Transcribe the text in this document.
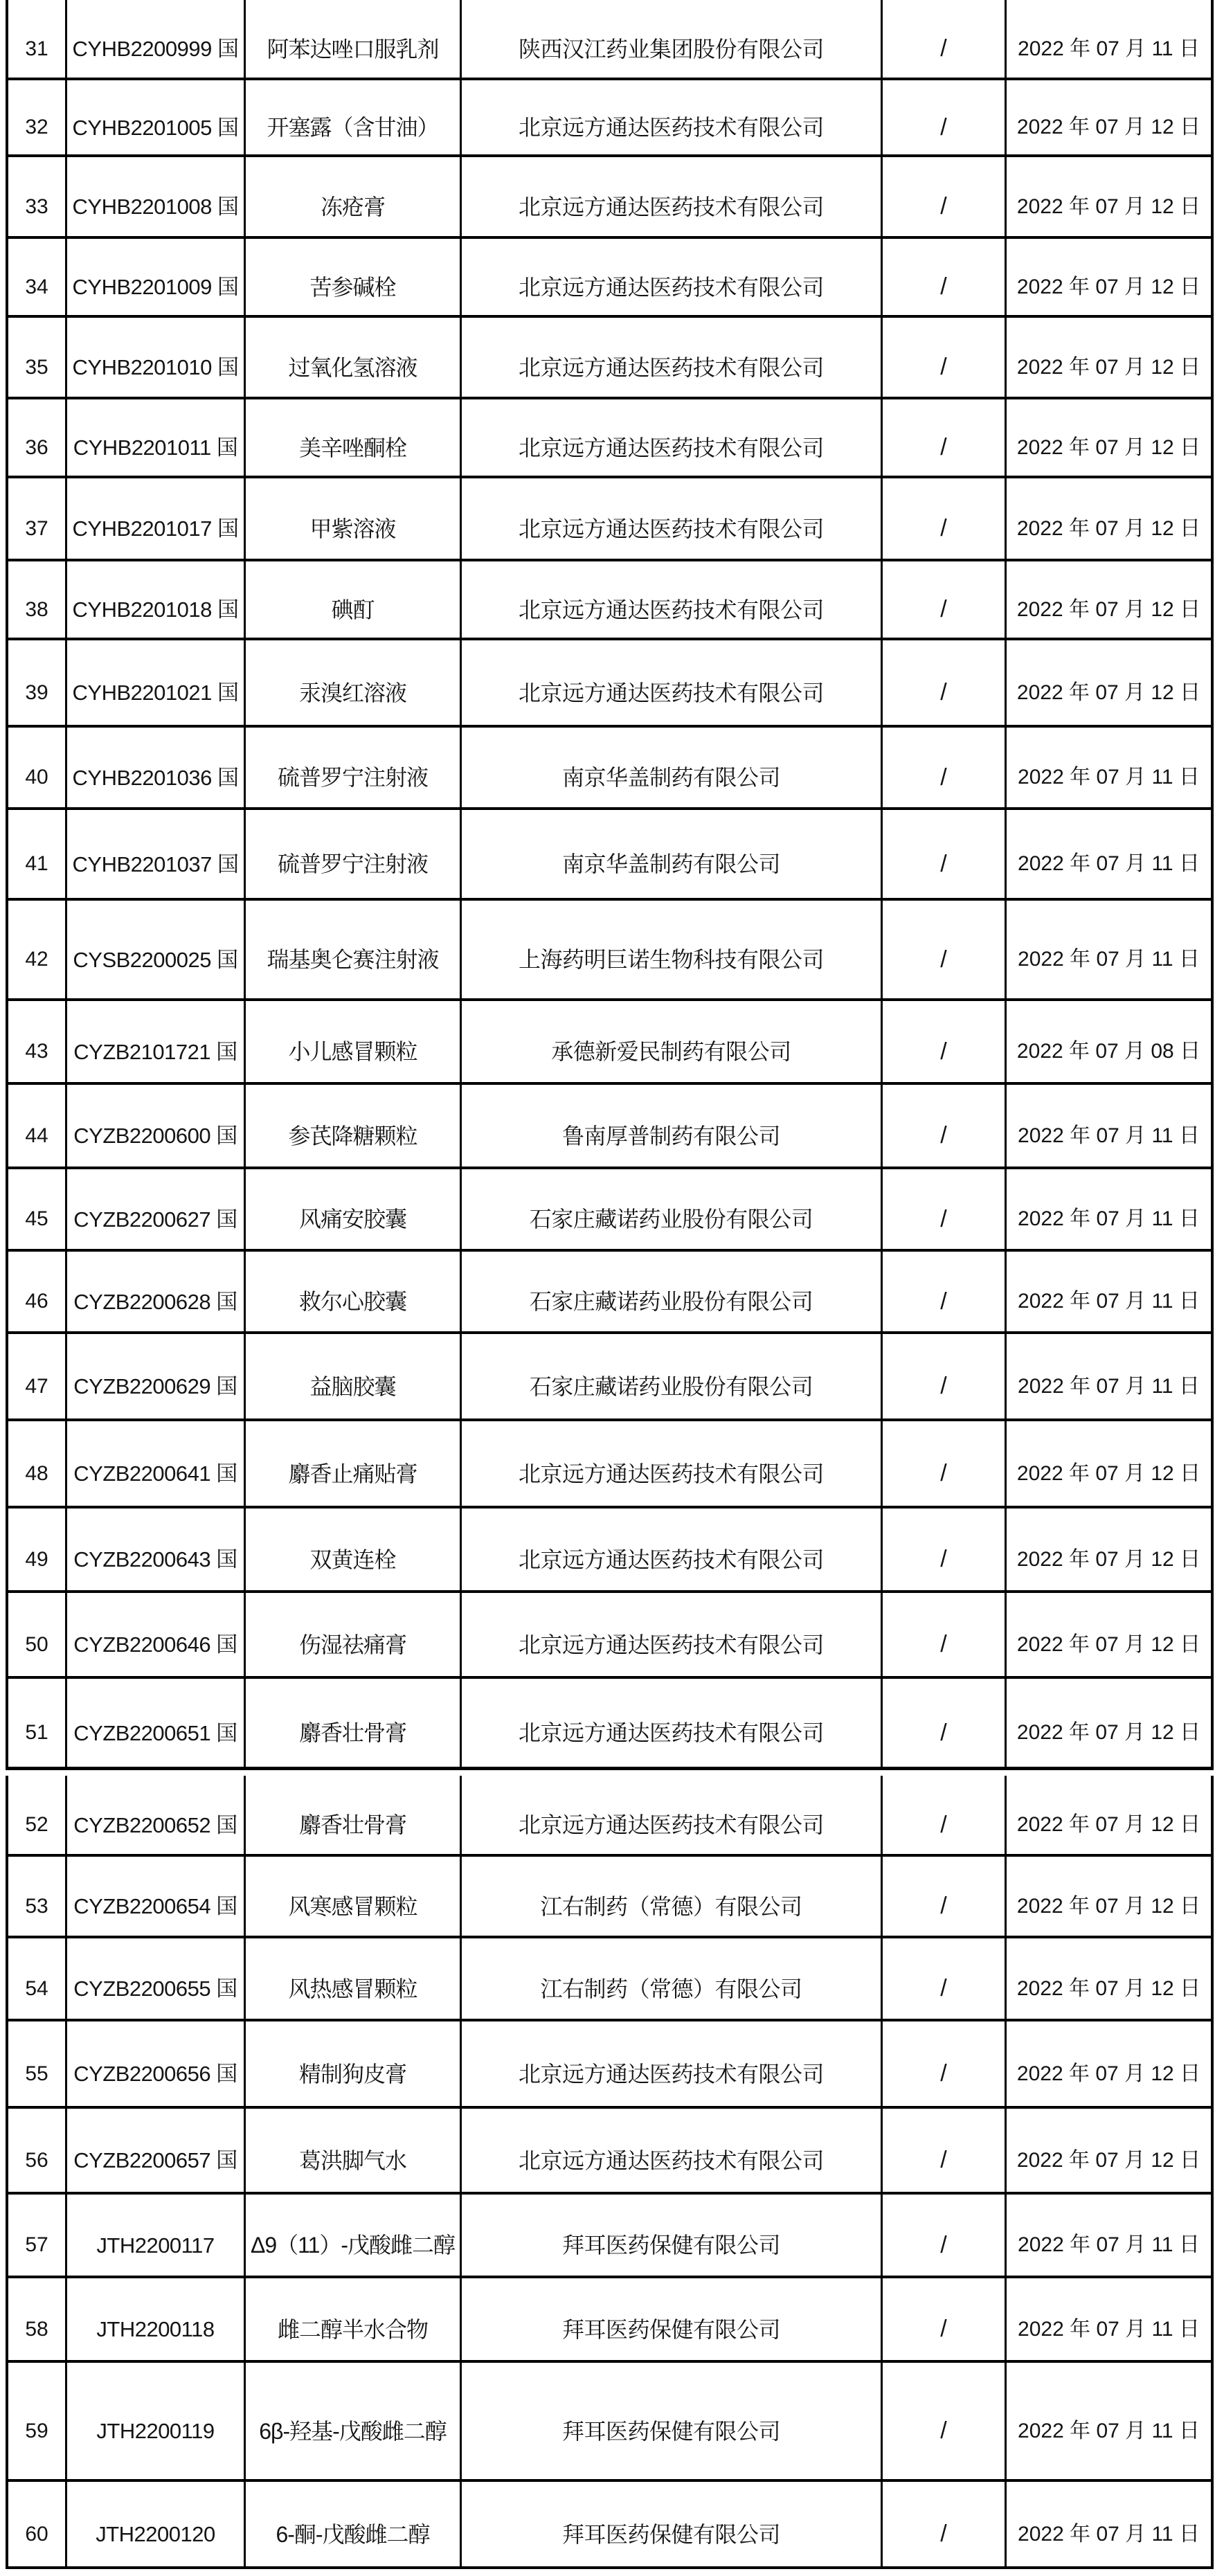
31	CYHB2200999 国	阿苯达唑口服乳剂	陕西汉江药业集团股份有限公司	/	2022 年 07 月 11 日
32	CYHB2201005 国	开塞露（含甘油）	北京远方通达医药技术有限公司	/	2022 年 07 月 12 日
33	CYHB2201008 国	冻疮膏	北京远方通达医药技术有限公司	/	2022 年 07 月 12 日
34	CYHB2201009 国	苦参碱栓	北京远方通达医药技术有限公司	/	2022 年 07 月 12 日
35	CYHB2201010 国	过氧化氢溶液	北京远方通达医药技术有限公司	/	2022 年 07 月 12 日
36	CYHB2201011 国	美辛唑酮栓	北京远方通达医药技术有限公司	/	2022 年 07 月 12 日
37	CYHB2201017 国	甲紫溶液	北京远方通达医药技术有限公司	/	2022 年 07 月 12 日
38	CYHB2201018 国	碘酊	北京远方通达医药技术有限公司	/	2022 年 07 月 12 日
39	CYHB2201021 国	汞溴红溶液	北京远方通达医药技术有限公司	/	2022 年 07 月 12 日
40	CYHB2201036 国	硫普罗宁注射液	南京华盖制药有限公司	/	2022 年 07 月 11 日
41	CYHB2201037 国	硫普罗宁注射液	南京华盖制药有限公司	/	2022 年 07 月 11 日
42	CYSB2200025 国	瑞基奥仑赛注射液	上海药明巨诺生物科技有限公司	/	2022 年 07 月 11 日
43	CYZB2101721 国	小儿感冒颗粒	承德新爱民制药有限公司	/	2022 年 07 月 08 日
44	CYZB2200600 国	参芪降糖颗粒	鲁南厚普制药有限公司	/	2022 年 07 月 11 日
45	CYZB2200627 国	风痛安胶囊	石家庄藏诺药业股份有限公司	/	2022 年 07 月 11 日
46	CYZB2200628 国	救尔心胶囊	石家庄藏诺药业股份有限公司	/	2022 年 07 月 11 日
47	CYZB2200629 国	益脑胶囊	石家庄藏诺药业股份有限公司	/	2022 年 07 月 11 日
48	CYZB2200641 国	麝香止痛贴膏	北京远方通达医药技术有限公司	/	2022 年 07 月 12 日
49	CYZB2200643 国	双黄连栓	北京远方通达医药技术有限公司	/	2022 年 07 月 12 日
50	CYZB2200646 国	伤湿祛痛膏	北京远方通达医药技术有限公司	/	2022 年 07 月 12 日
51	CYZB2200651 国	麝香壮骨膏	北京远方通达医药技术有限公司	/	2022 年 07 月 12 日
52	CYZB2200652 国	麝香壮骨膏	北京远方通达医药技术有限公司	/	2022 年 07 月 12 日
53	CYZB2200654 国	风寒感冒颗粒	江右制药（常德）有限公司	/	2022 年 07 月 12 日
54	CYZB2200655 国	风热感冒颗粒	江右制药（常德）有限公司	/	2022 年 07 月 12 日
55	CYZB2200656 国	精制狗皮膏	北京远方通达医药技术有限公司	/	2022 年 07 月 12 日
56	CYZB2200657 国	葛洪脚气水	北京远方通达医药技术有限公司	/	2022 年 07 月 12 日
57	JTH2200117	Δ9（11）-戊酸雌二醇	拜耳医药保健有限公司	/	2022 年 07 月 11 日
58	JTH2200118	雌二醇半水合物	拜耳医药保健有限公司	/	2022 年 07 月 11 日
59	JTH2200119	6β-羟基-戊酸雌二醇	拜耳医药保健有限公司	/	2022 年 07 月 11 日
60	JTH2200120	6-酮-戊酸雌二醇	拜耳医药保健有限公司	/	2022 年 07 月 11 日
